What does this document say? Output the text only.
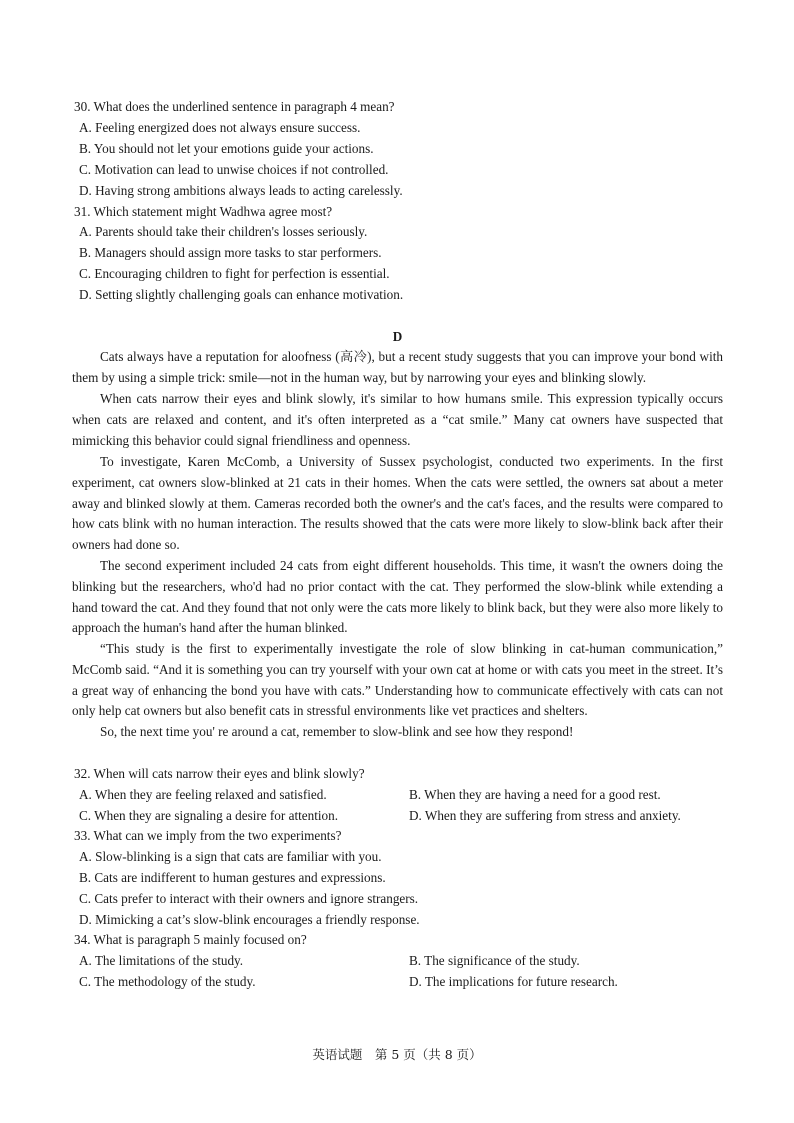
30. What does the underlined sentence in paragraph 4 mean?
A. Feeling energized does not always ensure success.
B. You should not let your emotions guide your actions.
C. Motivation can lead to unwise choices if not controlled.
D. Having strong ambitions always leads to acting carelessly.
31. Which statement might Wadhwa agree most?
A. Parents should take their children's losses seriously.
B. Managers should assign more tasks to star performers.
C. Encouraging children to fight for perfection is essential.
D. Setting slightly challenging goals can enhance motivation.
D
Cats always have a reputation for aloofness (高冷), but a recent study suggests that you can improve your bond with them by using a simple trick: smile—not in the human way, but by narrowing your eyes and blinking slowly.
When cats narrow their eyes and blink slowly, it's similar to how humans smile. This expression typically occurs when cats are relaxed and content, and it's often interpreted as a “cat smile.” Many cat owners have suspected that mimicking this behavior could signal friendliness and openness.
To investigate, Karen McComb, a University of Sussex psychologist, conducted two experiments. In the first experiment, cat owners slow-blinked at 21 cats in their homes. When the cats were settled, the owners sat about a meter away and blinked slowly at them. Cameras recorded both the owner's and the cat's faces, and the results were compared to how cats blink with no human interaction. The results showed that the cats were more likely to slow-blink back after their owners had done so.
The second experiment included 24 cats from eight different households. This time, it wasn't the owners doing the blinking but the researchers, who'd had no prior contact with the cat. They performed the slow-blink while extending a hand toward the cat. And they found that not only were the cats more likely to blink back, but they were also more likely to approach the human's hand after the human blinked.
“This study is the first to experimentally investigate the role of slow blinking in cat-human communication,” McComb said. “And it is something you can try yourself with your own cat at home or with cats you meet in the street. It’s a great way of enhancing the bond you have with cats.” Understanding how to communicate effectively with cats can not only help cat owners but also benefit cats in stressful environments like vet practices and shelters.
So, the next time you' re around a cat, remember to slow-blink and see how they respond!
32. When will cats narrow their eyes and blink slowly?
A. When they are feeling relaxed and satisfied.	B. When they are having a need for a good rest.
C. When they are signaling a desire for attention.	D. When they are suffering from stress and anxiety.
33. What can we imply from the two experiments?
A. Slow-blinking is a sign that cats are familiar with you.
B. Cats are indifferent to human gestures and expressions.
C. Cats prefer to interact with their owners and ignore strangers.
D. Mimicking a cat’s slow-blink encourages a friendly response.
34. What is paragraph 5 mainly focused on?
A. The limitations of the study.	B. The significance of the study.
C. The methodology of the study.	D. The implications for future research.
英语试题　第 5 页（共 8 页）
